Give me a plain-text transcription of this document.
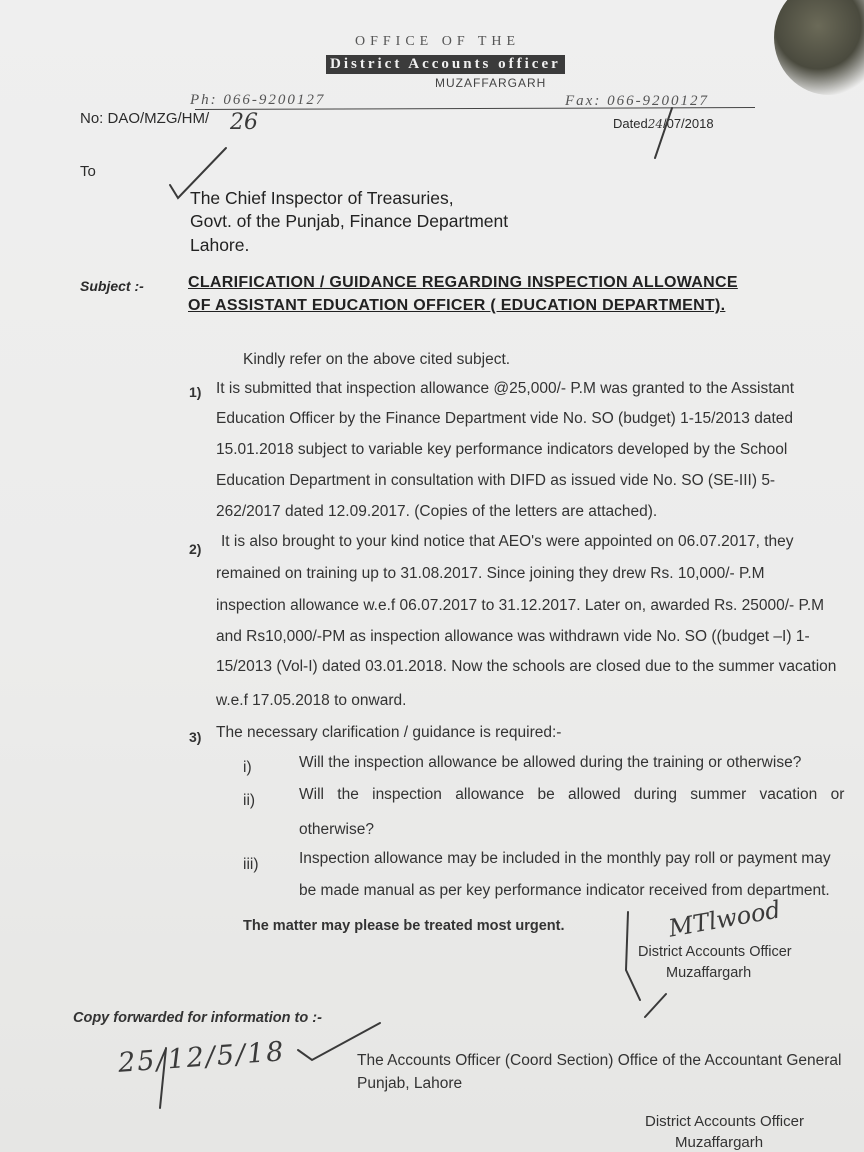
OFFICE OF THE
District Accounts officer
MUZAFFARGARH
Ph: 066-9200127	Fax: 066-9200127
No: DAO/MZG/HM/ 26	Dated24/07/2018
To
The Chief Inspector of Treasuries,
Govt. of the Punjab, Finance Department
Lahore.
Subject :-	CLARIFICATION / GUIDANCE REGARDING INSPECTION ALLOWANCE
OF ASSISTANT EDUCATION OFFICER ( EDUCATION DEPARTMENT).
Kindly refer on the above cited subject.
1) It is submitted that inspection allowance @25,000/- P.M was granted to the Assistant
Education Officer by the Finance Department vide No. SO (budget) 1-15/2013 dated
15.01.2018 subject to variable key performance indicators developed by the School
Education Department in consultation with DIFD as issued vide No. SO (SE-III) 5-
262/2017 dated 12.09.2017. (Copies of the letters are attached).
2) It is also brought to your kind notice that AEO's were appointed on 06.07.2017, they
remained on training up to 31.08.2017. Since joining they drew Rs. 10,000/- P.M
inspection allowance w.e.f 06.07.2017 to 31.12.2017. Later on, awarded Rs. 25000/- P.M
and Rs10,000/-PM as inspection allowance was withdrawn vide No. SO ((budget –I) 1-
15/2013 (Vol-I) dated 03.01.2018. Now the schools are closed due to the summer vacation
w.e.f 17.05.2018 to onward.
3) The necessary clarification / guidance is required:-
i)	Will the inspection allowance be allowed during the training or otherwise?
ii)	Will the inspection allowance be allowed during summer vacation or
otherwise?
iii)	Inspection allowance may be included in the monthly pay roll or payment may
be made manual as per key performance indicator received from department.
The matter may please be treated most urgent.	MTlwood
District Accounts Officer
Muzaffargarh
Copy forwarded for information to :-
25/12/5/18	The Accounts Officer (Coord Section) Office of the Accountant General
Punjab, Lahore
District Accounts Officer
Muzaffargarh
